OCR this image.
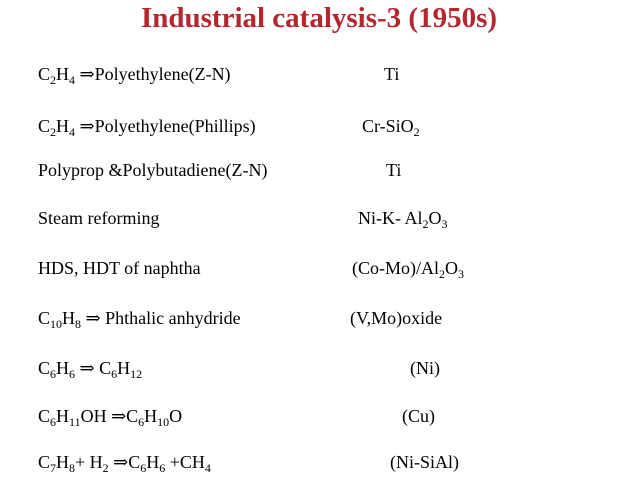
Industrial catalysis-3 (1950s)
$C_2H_4$ ⇒Polyethylene(Z-N)	Ti
$C_2H_4$ ⇒Polyethylene(Phillips)	Cr-SiO$_2$
Polyprop &Polybutadiene(Z-N)	Ti
Steam reforming	Ni-K- $Al_2O_3$
HDS, HDT of naphtha	$(Co-Mo)/Al_2O_3$
$C_{10}H_8$ ⇒ Phthalic anhydride	(V,Mo)oxide
$C_6H_6$ ⇒ $C_6H_{12}$	(Ni)
$C_6H_{11}OH$ $\Rightarrow C_6H_{10}O$	(Cu)
$C_7H_8+ H_2$ $\Rightarrow C_6H_6 +CH_4$	(Ni-SiAl)
